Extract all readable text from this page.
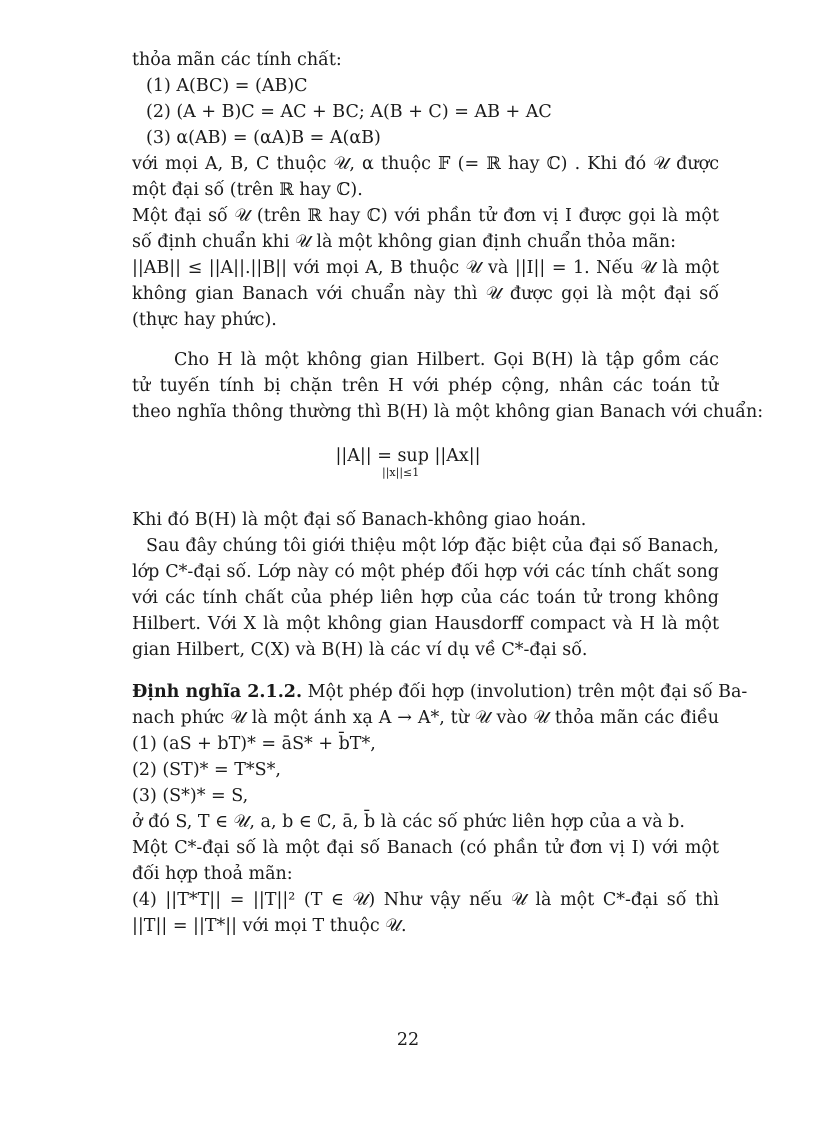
thỏa mãn các tính chất:
(1) A(BC) = (AB)C
(2) (A + B)C = AC + BC; A(B + C) = AB + AC
(3) α(AB) = (αA)B = A(αB)
với mọi A, B, C thuộc 𝒰, α thuộc 𝔽 (= ℝ hay ℂ) . Khi đó 𝒰 được
một đại số (trên ℝ hay ℂ).
Một đại số 𝒰 (trên ℝ hay ℂ) với phần tử đơn vị I được gọi là một
số định chuẩn khi 𝒰 là một không gian định chuẩn thỏa mãn:
||AB|| ≤ ||A||.||B|| với mọi A, B thuộc 𝒰 và ||I|| = 1. Nếu 𝒰 là một
không gian Banach với chuẩn này thì 𝒰 được gọi là một đại số
(thực hay phức).
Cho H là một không gian Hilbert. Gọi B(H) là tập gồm các
tử tuyến tính bị chặn trên H với phép cộng, nhân các toán tử
theo nghĩa thông thường thì B(H) là một không gian Banach với chuẩn:
||A|| = sup ||Ax||
||x||≤1
Khi đó B(H) là một đại số Banach-không giao hoán.
Sau đây chúng tôi giới thiệu một lớp đặc biệt của đại số Banach,
lớp C*-đại số. Lớp này có một phép đối hợp với các tính chất song
với các tính chất của phép liên hợp của các toán tử trong không
Hilbert. Với X là một không gian Hausdorff compact và H là một
gian Hilbert, C(X) và B(H) là các ví dụ về C*-đại số.
Định nghĩa 2.1.2. Một phép đối hợp (involution) trên một đại số Ba-
nach phức 𝒰 là một ánh xạ A → A*, từ 𝒰 vào 𝒰 thỏa mãn các điều
(1) (aS + bT)* = āS* + b̄T*,
(2) (ST)* = T*S*,
(3) (S*)* = S,
ở đó S, T ∈ 𝒰, a, b ∈ ℂ, ā, b̄ là các số phức liên hợp của a và b.
Một C*-đại số là một đại số Banach (có phần tử đơn vị I) với một
đối hợp thoả mãn:
(4) ||T*T|| = ||T||² (T ∈ 𝒰) Như vậy nếu 𝒰 là một C*-đại số thì
||T|| = ||T*|| với mọi T thuộc 𝒰.
22
